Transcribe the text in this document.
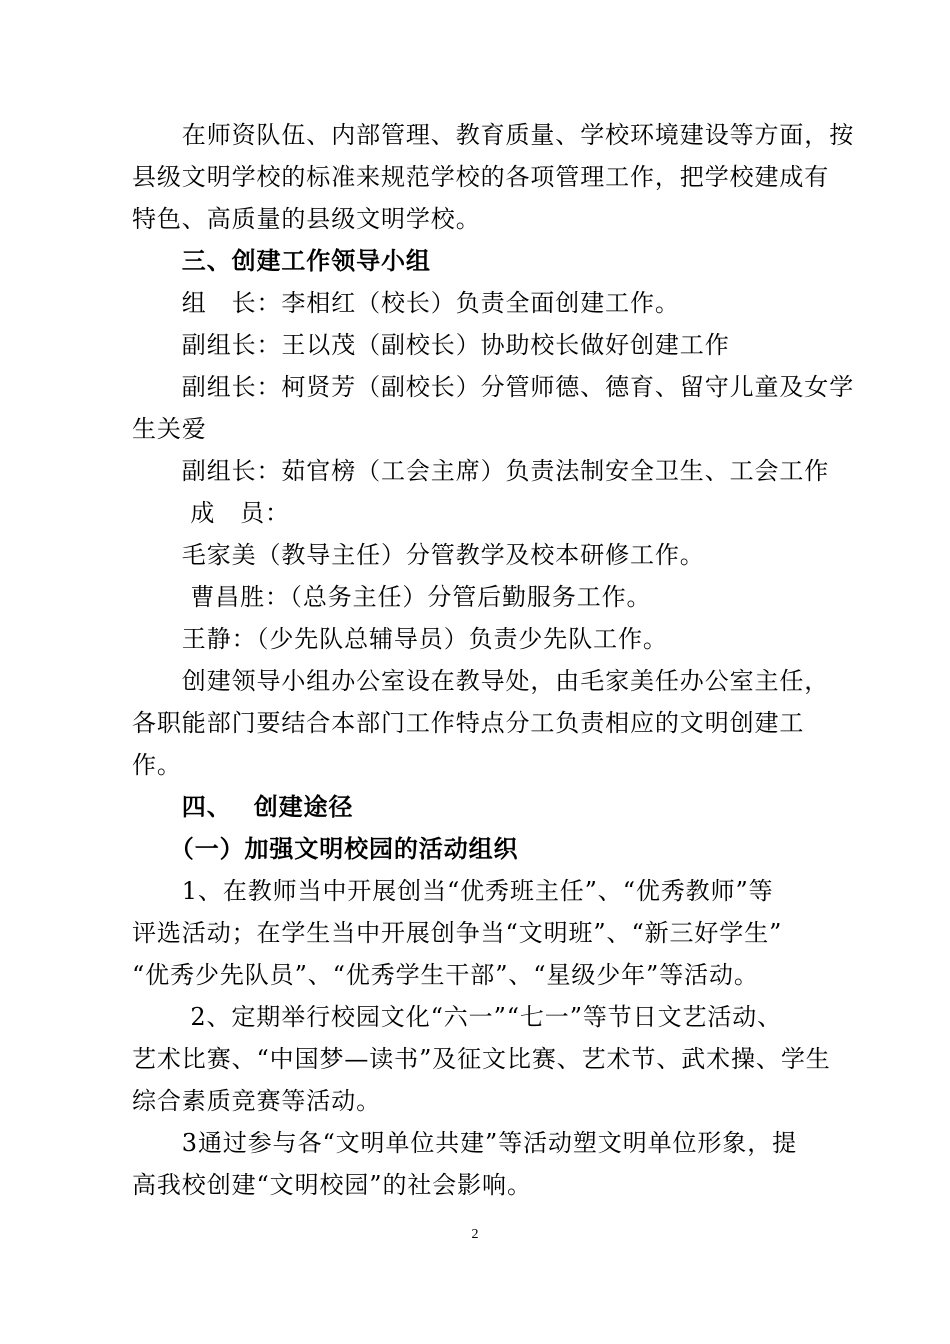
　　在师资队伍、内部管理、教育质量、学校环境建设等方面，按
县级文明学校的标准来规范学校的各项管理工作，把学校建成有
特色、高质量的县级文明学校。
　　三、创建工作领导小组
　　组　长：李相红（校长）负责全面创建工作。
　　副组长：王以茂（副校长）协助校长做好创建工作
　　副组长：柯贤芳（副校长）分管师德、德育、留守儿童及女学
生关爱
　　副组长：茹官榜（工会主席）负责法制安全卫生、工会工作
　　 成　员：
　　毛家美（教导主任）分管教学及校本研修工作。
　　 曹昌胜：（总务主任）分管后勤服务工作。
　　王静：（少先队总辅导员）负责少先队工作。
　　创建领导小组办公室设在教导处，由毛家美任办公室主任，
各职能部门要结合本部门工作特点分工负责相应的文明创建工
作。
　　四、　 创建途径
　　（一）加强文明校园的活动组织
　　1、在教师当中开展创当“优秀班主任”、“优秀教师”等
评选活动；在学生当中开展创争当“文明班”、“新三好学生”
“优秀少先队员”、“优秀学生干部”、“星级少年”等活动。
　　 2、定期举行校园文化“六一”“七一”等节日文艺活动、
艺术比赛、“中国梦—读书”及征文比赛、艺术节、武术操、学生
综合素质竞赛等活动。
　　3通过参与各“文明单位共建”等活动塑文明单位形象，提
高我校创建“文明校园”的社会影响。
2
